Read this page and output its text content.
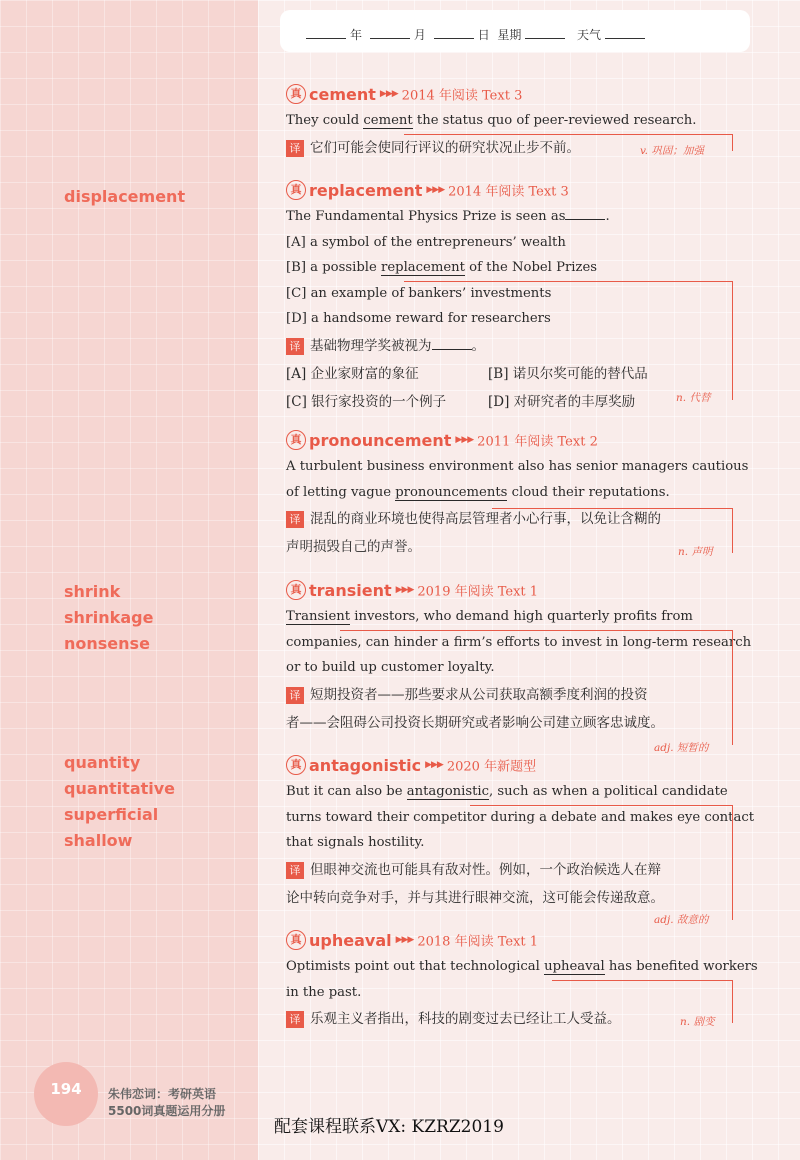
年	月	日 星期	天气
displacement
shrink
shrinkage
nonsense
quantity
quantitative
superficial
shallow
真 cement ▶▶▶ 2014 年阅读 Text 3
They could cement the status quo of peer-reviewed research.
译 它们可能会使同行评议的研究状况止步不前。	v. 巩固；加强
真 replacement ▶▶▶ 2014 年阅读 Text 3
The Fundamental Physics Prize is seen as	.
[A] a symbol of the entrepreneurs’ wealth
[B] a possible replacement of the Nobel Prizes
[C] an example of bankers’ investments
[D] a handsome reward for researchers
译 基础物理学奖被视为	。
[A] 企业家财富的象征	[B] 诺贝尔奖可能的替代品
[C] 银行家投资的一个例子	[D] 对研究者的丰厚奖励	n. 代替
真 pronouncement ▶▶▶ 2011 年阅读 Text 2
A turbulent business environment also has senior managers cautious
of letting vague pronouncements cloud their reputations.
译 混乱的商业环境也使得高层管理者小心行事，以免让含糊的
声明损毁自己的声誉。	n. 声明
真 transient ▶▶▶ 2019 年阅读 Text 1
Transient investors, who demand high quarterly profits from
companies, can hinder a firm’s efforts to invest in long-term research
or to build up customer loyalty.
译 短期投资者——那些要求从公司获取高额季度利润的投资
者——会阻碍公司投资长期研究或者影响公司建立顾客忠诚度。
adj. 短暂的
真 antagonistic ▶▶▶ 2020 年新题型
But it can also be antagonistic, such as when a political candidate
turns toward their competitor during a debate and makes eye contact
that signals hostility.
译 但眼神交流也可能具有敌对性。例如，一个政治候选人在辩
论中转向竞争对手，并与其进行眼神交流，这可能会传递敌意。
adj. 敌意的
真 upheaval ▶▶▶ 2018 年阅读 Text 1
Optimists point out that technological upheaval has benefited workers
in the past.
译 乐观主义者指出，科技的剧变过去已经让工人受益。	n. 剧变
194	朱伟恋词：考研英语
5500词真题运用分册
配套课程联系VX: KZRZ2019
